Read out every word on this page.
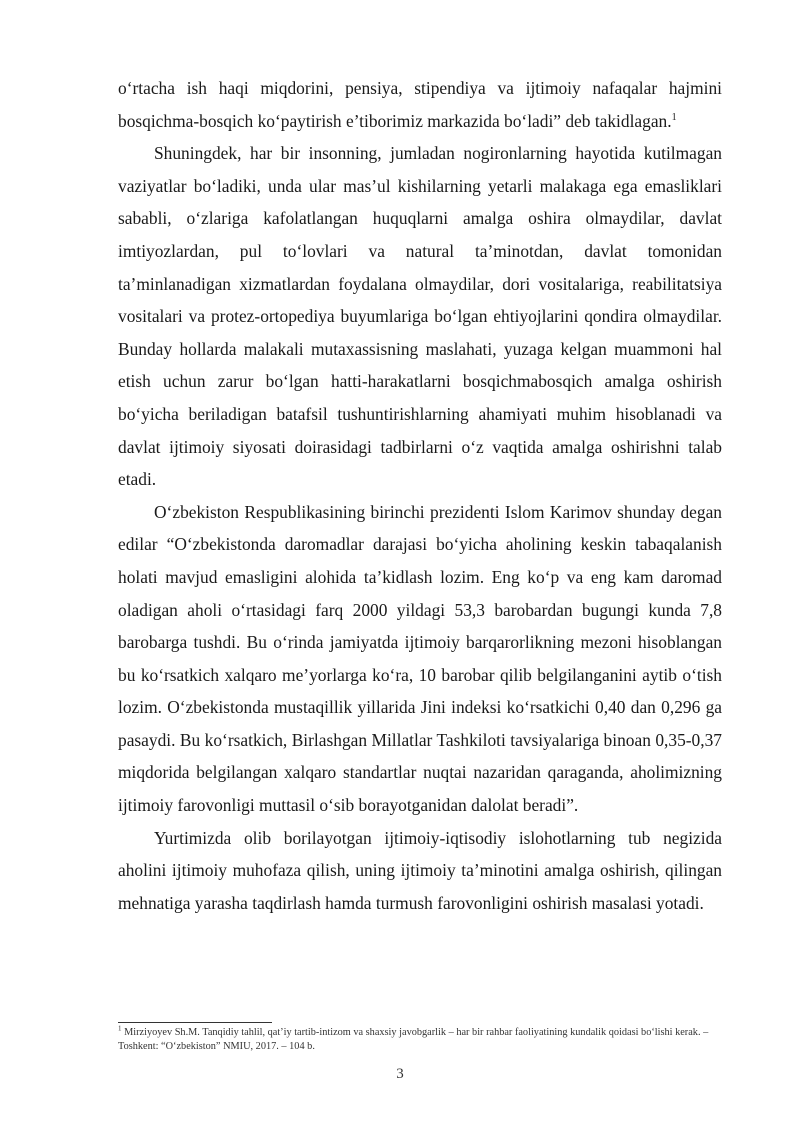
o‘rtacha ish haqi miqdorini, pensiya, stipendiya va ijtimoiy nafaqalar hajmini bosqichma-bosqich ko‘paytirish e’tiborimiz markazida bo‘ladi” deb takidlagan.$^1$

Shuningdek, har bir insonning, jumladan nogironlarning hayotida kutilmagan vaziyatlar bo‘ladiki, unda ular mas’ul kishilarning yetarli malakaga ega emasliklari sababli, o‘zlariga kafolatlangan huquqlarni amalga oshira olmaydilar, davlat imtiyozlardan, pul to‘lovlari va natural ta’minotdan, davlat tomonidan ta’minlanadigan xizmatlardan foydalana olmaydilar, dori vositalariga, reabilitatsiya vositalari va protez-ortopediya buyumlariga bo‘lgan ehtiyojlarini qondira olmaydilar. Bunday hollarda malakali mutaxassisning maslahati, yuzaga kelgan muammoni hal etish uchun zarur bo‘lgan hatti-harakatlarni bosqichmabosqich amalga oshirish bo‘yicha beriladigan batafsil tushuntirishlarning ahamiyati muhim hisoblanadi va davlat ijtimoiy siyosati doirasidagi tadbirlarni o‘z vaqtida amalga oshirishni talab etadi.

O‘zbekiston Respublikasining birinchi prezidenti Islom Karimov shunday degan edilar “O‘zbekistonda daromadlar darajasi bo‘yicha aholining keskin tabaqalanish holati mavjud emasligini alohida ta’kidlash lozim. Eng ko‘p va eng kam daromad oladigan aholi o‘rtasidagi farq 2000 yildagi 53,3 barobardan bugungi kunda 7,8 barobarga tushdi. Bu o‘rinda jamiyatda ijtimoiy barqarorlikning mezoni hisoblangan bu ko‘rsatkich xalqaro me’yorlarga ko‘ra, 10 barobar qilib belgilanganini aytib o‘tish lozim. O‘zbekistonda mustaqillik yillarida Jini indeksi ko‘rsatkichi 0,40 dan 0,296 ga pasaydi. Bu ko‘rsatkich, Birlashgan Millatlar Tashkiloti tavsiyalariga binoan 0,35-0,37 miqdorida belgilangan xalqaro standartlar nuqtai nazaridan qaraganda, aholimizning ijtimoiy farovonligi muttasil o‘sib borayotganidan dalolat beradi”.

Yurtimizda olib borilayotgan ijtimoiy-iqtisodiy islohotlarning tub negizida aholini ijtimoiy muhofaza qilish, uning ijtimoiy ta’minotini amalga oshirish, qilingan mehnatiga yarasha taqdirlash hamda turmush farovonligini oshirish masalasi yotadi.

$^1$ Mirziyoyev Sh.M. Tanqidiy tahlil, qat’iy tartib-intizom va shaxsiy javobgarlik – har bir rahbar faoliyatining kundalik qoidasi bo‘lishi kerak. – Toshkent: “O‘zbekiston” NMIU, 2017. – 104 b.
3
